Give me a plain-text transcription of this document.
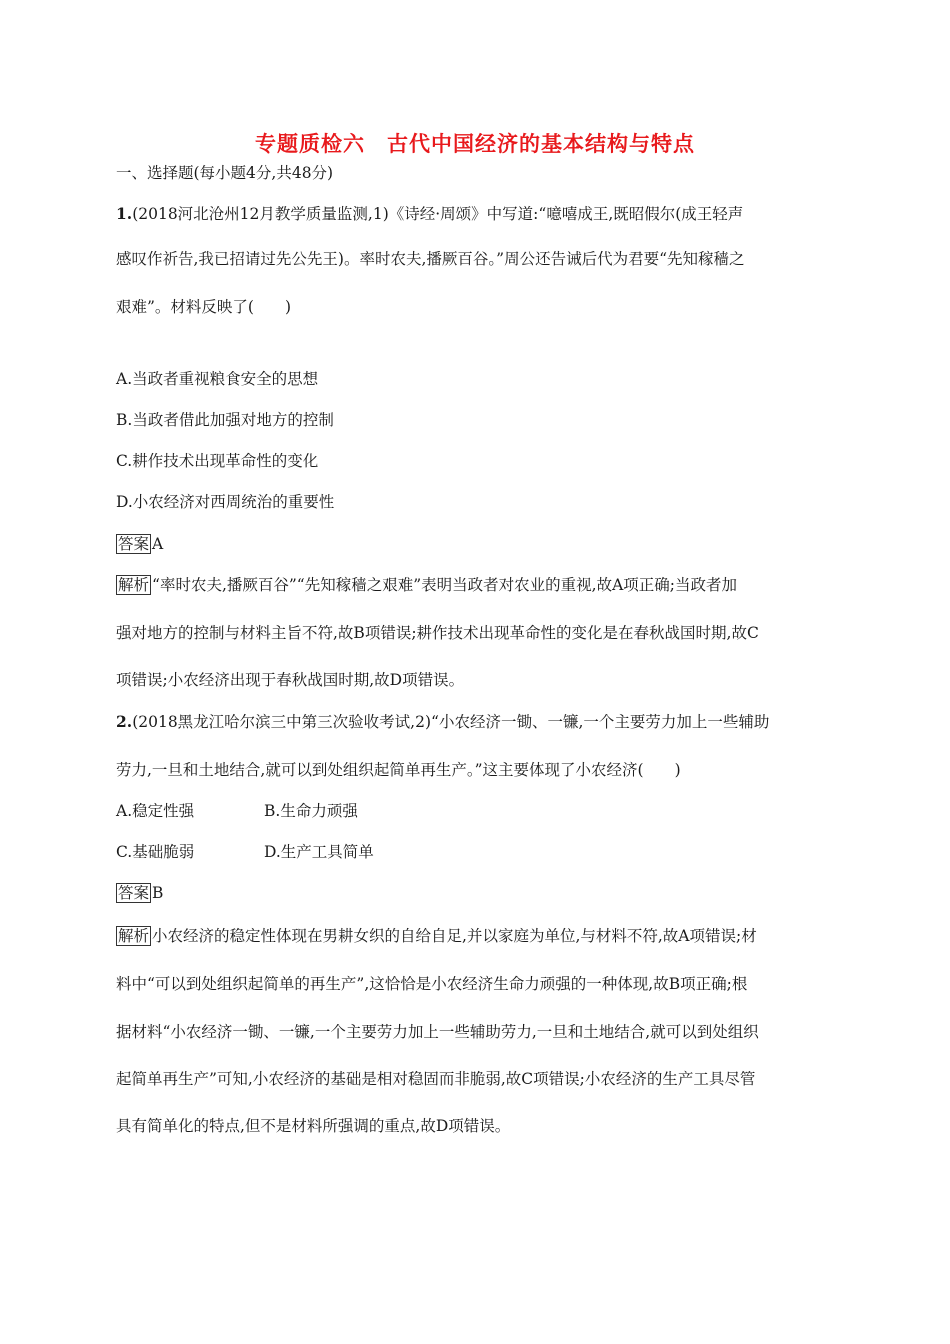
专题质检六 古代中国经济的基本结构与特点
一、选择题(每小题4分,共48分)
1.(2018河北沧州12月教学质量监测,1)《诗经·周颂》中写道:“噫嘻成王,既昭假尔(成王轻声
感叹作祈告,我已招请过先公先王)。率时农夫,播厥百谷。”周公还告诫后代为君要“先知稼穑之
艰难”。材料反映了(　　)
A.当政者重视粮食安全的思想
B.当政者借此加强对地方的控制
C.耕作技术出现革命性的变化
D.小农经济对西周统治的重要性
答案 A
解析 “率时农夫,播厥百谷”“先知稼穑之艰难”表明当政者对农业的重视,故A项正确;当政者加
强对地方的控制与材料主旨不符,故B项错误;耕作技术出现革命性的变化是在春秋战国时期,故C
项错误;小农经济出现于春秋战国时期,故D项错误。
2.(2018黑龙江哈尔滨三中第三次验收考试,2)“小农经济一锄、一镰,一个主要劳力加上一些辅助
劳力,一旦和土地结合,就可以到处组织起简单再生产。”这主要体现了小农经济(　　)
A.稳定性强	B.生命力顽强
C.基础脆弱	D.生产工具简单
答案 B
解析 小农经济的稳定性体现在男耕女织的自给自足,并以家庭为单位,与材料不符,故A项错误;材
料中“可以到处组织起简单的再生产”,这恰恰是小农经济生命力顽强的一种体现,故B项正确;根
据材料“小农经济一锄、一镰,一个主要劳力加上一些辅助劳力,一旦和土地结合,就可以到处组织
起简单再生产”可知,小农经济的基础是相对稳固而非脆弱,故C项错误;小农经济的生产工具尽管
具有简单化的特点,但不是材料所强调的重点,故D项错误。
